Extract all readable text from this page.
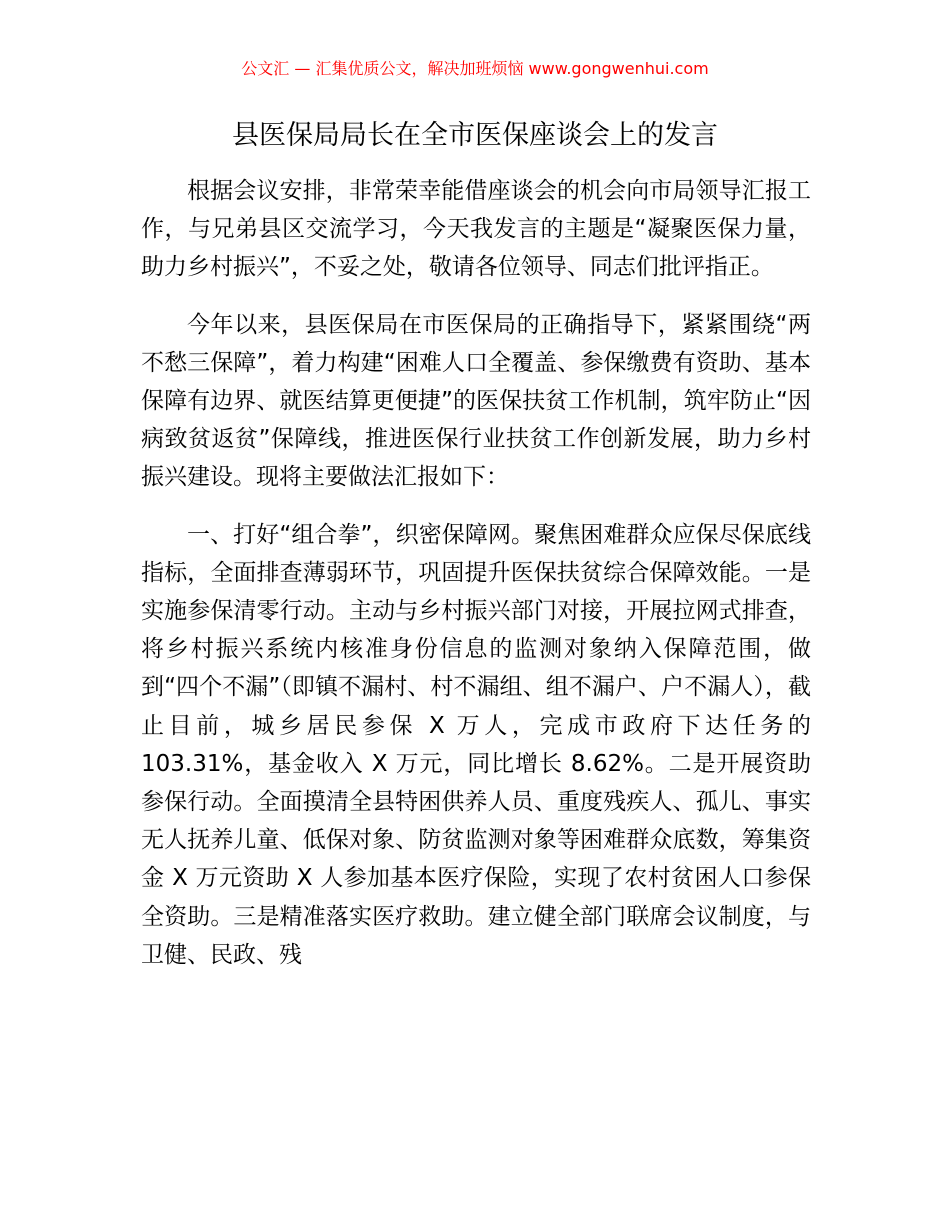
公文汇 — 汇集优质公文，解决加班烦恼 www.gongwenhui.com
县医保局局长在全市医保座谈会上的发言

根据会议安排，非常荣幸能借座谈会的机会向市局领导汇报工作，与兄弟县区交流学习，今天我发言的主题是“凝聚医保力量，助力乡村振兴”，不妥之处，敬请各位领导、同志们批评指正。

今年以来，县医保局在市医保局的正确指导下，紧紧围绕“两不愁三保障”，着力构建“困难人口全覆盖、参保缴费有资助、基本保障有边界、就医结算更便捷”的医保扶贫工作机制，筑牢防止“因病致贫返贫”保障线，推进医保行业扶贫工作创新发展，助力乡村振兴建设。现将主要做法汇报如下：

一、打好“组合拳”，织密保障网。聚焦困难群众应保尽保底线指标，全面排查薄弱环节，巩固提升医保扶贫综合保障效能。一是实施参保清零行动。主动与乡村振兴部门对接，开展拉网式排查，将乡村振兴系统内核准身份信息的监测对象纳入保障范围，做到“四个不漏”（即镇不漏村、村不漏组、组不漏户、户不漏人），截止目前，城乡居民参保 X 万人，完成市政府下达任务的 103.31%，基金收入 X 万元，同比增长 8.62%。二是开展资助参保行动。全面摸清全县特困供养人员、重度残疾人、孤儿、事实无人抚养儿童、低保对象、防贫监测对象等困难群众底数，筹集资金 X 万元资助 X 人参加基本医疗保险，实现了农村贫困人口参保全资助。三是精准落实医疗救助。建立健全部门联席会议制度，与卫健、民政、残
